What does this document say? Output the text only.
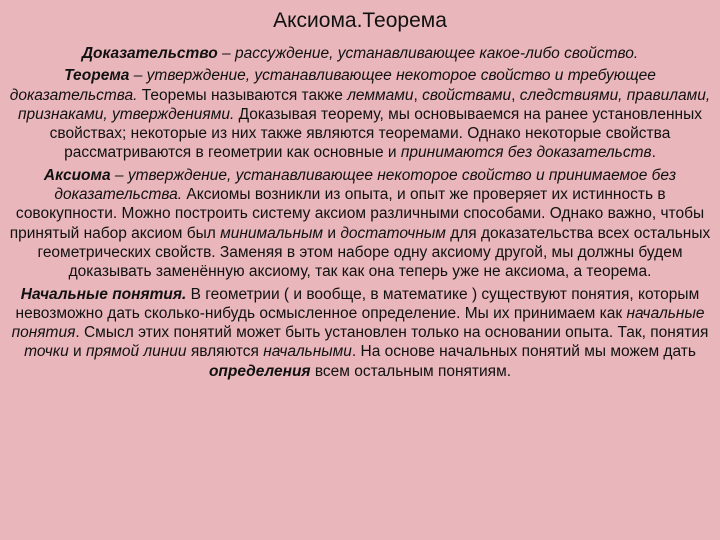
Аксиома.Теорема

Доказательство – рассуждение, устанавливающее какое-либо свойство.

Теорема – утверждение, устанавливающее некоторое свойство и требующее доказательства. Теоремы называются также леммами, свойствами, следствиями, правилами, признаками, утверждениями. Доказывая теорему, мы основываемся на ранее установленных свойствах; некоторые из них также являются теоремами. Однако некоторые свойства рассматриваются в геометрии как основные и принимаются без доказательств.

Аксиома – утверждение, устанавливающее некоторое свойство и принимаемое без доказательства. Аксиомы возникли из опыта, и опыт же проверяет их истинность в совокупности. Можно построить систему аксиом различными способами. Однако важно, чтобы принятый набор аксиом был минимальным и достаточным для доказательства всех остальных геометрических свойств. Заменяя в этом наборе одну аксиому другой, мы должны будем доказывать заменённую аксиому, так как она теперь уже не аксиома, а теорема.

Начальные понятия. В геометрии ( и вообще, в математике ) существуют понятия, которым невозможно дать сколько-нибудь осмысленное определение. Мы их принимаем как начальные понятия. Смысл этих понятий может быть установлен только на основании опыта. Так, понятия точки и прямой линии являются начальными. На основе начальных понятий мы можем дать определения всем остальным понятиям.
